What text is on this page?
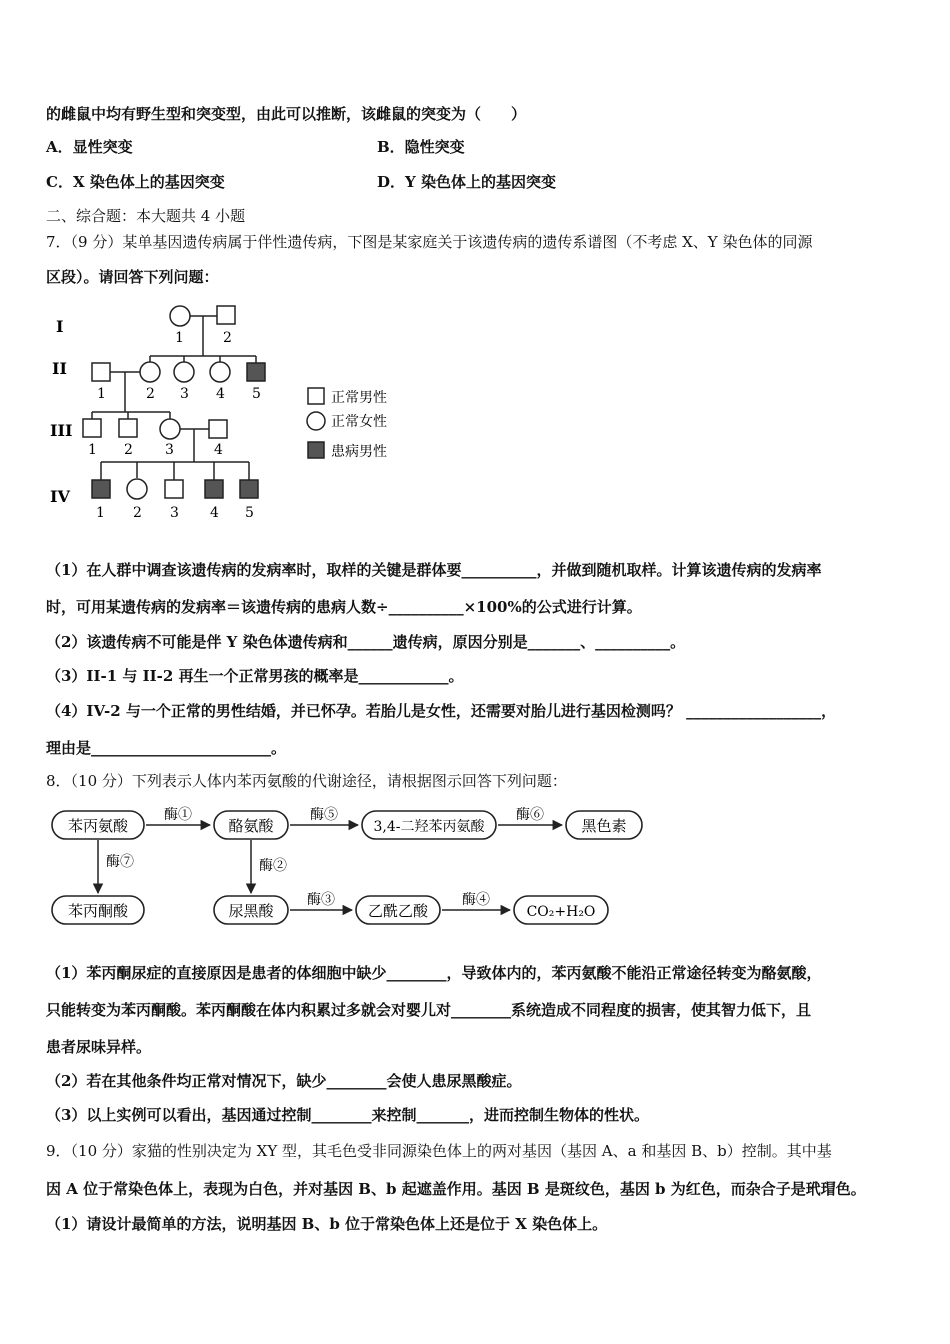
的雌鼠中均有野生型和突变型，由此可以推断，该雌鼠的突变为（　　）
A．显性突变	B．隐性突变
C．X 染色体上的基因突变	D．Y 染色体上的基因突变
二、综合题：本大题共 4 小题
7．（9 分）某单基因遗传病属于伴性遗传病，下图是某家庭关于该遗传病的遗传系谱图（不考虑 X、Y 染色体的同源
区段）。请回答下列问题：
I
II
III
IV
1	2
1	2 3 4 5
1 2 3	4
1 2 3 4 5
正常男性
正常女性
患病男性
（1）在人群中调查该遗传病的发病率时，取样的关键是群体要__________，并做到随机取样。计算该遗传病的发病率
时，可用某遗传病的发病率＝该遗传病的患病人数÷__________×100%的公式进行计算。
（2）该遗传病不可能是伴 Y 染色体遗传病和______遗传病，原因分别是_______、__________。
（3）II-1 与 II-2 再生一个正常男孩的概率是____________。
（4）IV-2 与一个正常的男性结婚，并已怀孕。若胎儿是女性，还需要对胎儿进行基因检测吗？ __________________，
理由是________________________。
8．（10 分）下列表示人体内苯丙氨酸的代谢途径，请根据图示回答下列问题：
苯丙氨酸
酶①
酪氨酸
酶⑤
3,4-二羟苯丙氨酸
酶⑥
黑色素
酶⑦	酶②
苯丙酮酸	尿黑酸
酶③
乙酰乙酸
酶④
CO₂+H₂O
（1）苯丙酮尿症的直接原因是患者的体细胞中缺少________，导致体内的，苯丙氨酸不能沿正常途径转变为酪氨酸，
只能转变为苯丙酮酸。苯丙酮酸在体内积累过多就会对婴儿对________系统造成不同程度的损害，使其智力低下，且
患者尿味异样。
（2）若在其他条件均正常对情况下，缺少________会使人患尿黑酸症。
（3）以上实例可以看出，基因通过控制________来控制_______，进而控制生物体的性状。
9．（10 分）家猫的性别决定为 XY 型，其毛色受非同源染色体上的两对基因（基因 A、a 和基因 B、b）控制。其中基
因 A 位于常染色体上，表现为白色，并对基因 B、b 起遮盖作用。基因 B 是斑纹色，基因 b 为红色，而杂合子是玳瑁色。
（1）请设计最简单的方法，说明基因 B、b 位于常染色体上还是位于 X 染色体上。
